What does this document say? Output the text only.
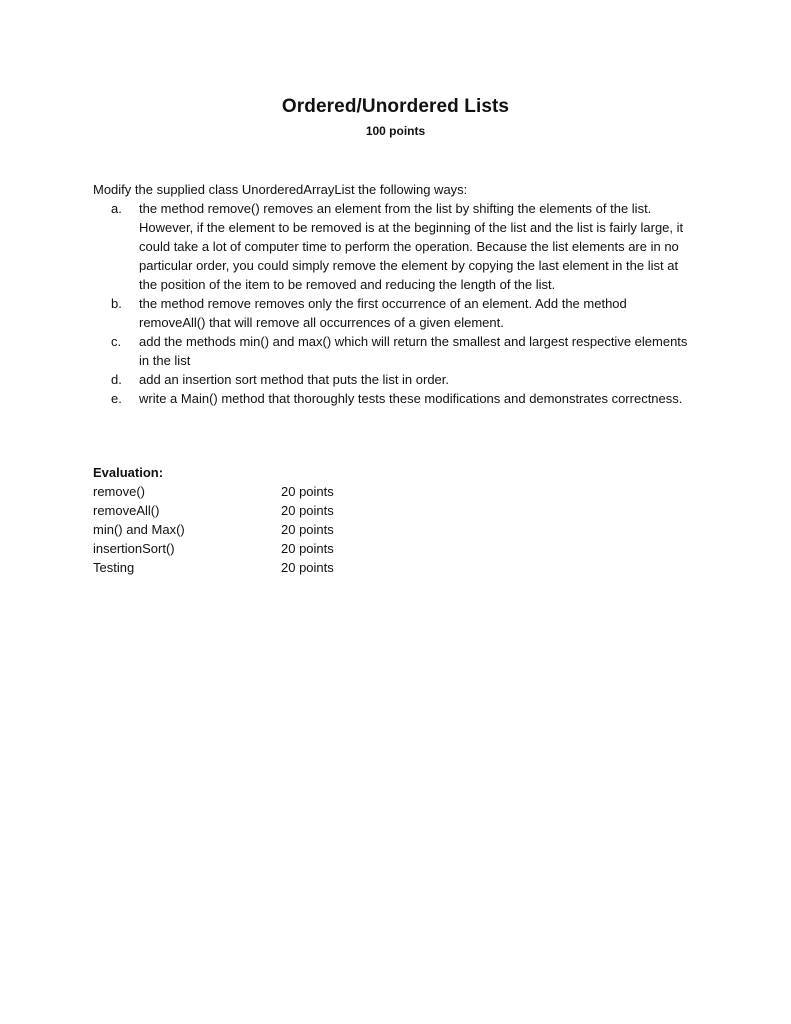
Ordered/Unordered Lists
100 points
Modify the supplied class UnorderedArrayList the following ways:
a.	the method remove() removes an element from the list by shifting the elements of the list. However, if the element to be removed is at the beginning of the list and the list is fairly large, it could take a lot of computer time to perform the operation. Because the list elements are in no particular order, you could simply remove the element by copying the last element in the list at the position of the item to be removed and reducing the length of the list.
b.	the method remove removes only the first occurrence of an element. Add the method removeAll() that will remove all occurrences of a given element.
c.	add the methods min() and max() which will return the smallest and largest respective elements in the list
d.	add an insertion sort method that puts the list in order.
e.	write a Main() method that thoroughly tests these modifications and demonstrates correctness.
Evaluation:
remove()	20 points
removeAll()	20 points
min() and Max()	20 points
insertionSort()	20 points
Testing	20 points
